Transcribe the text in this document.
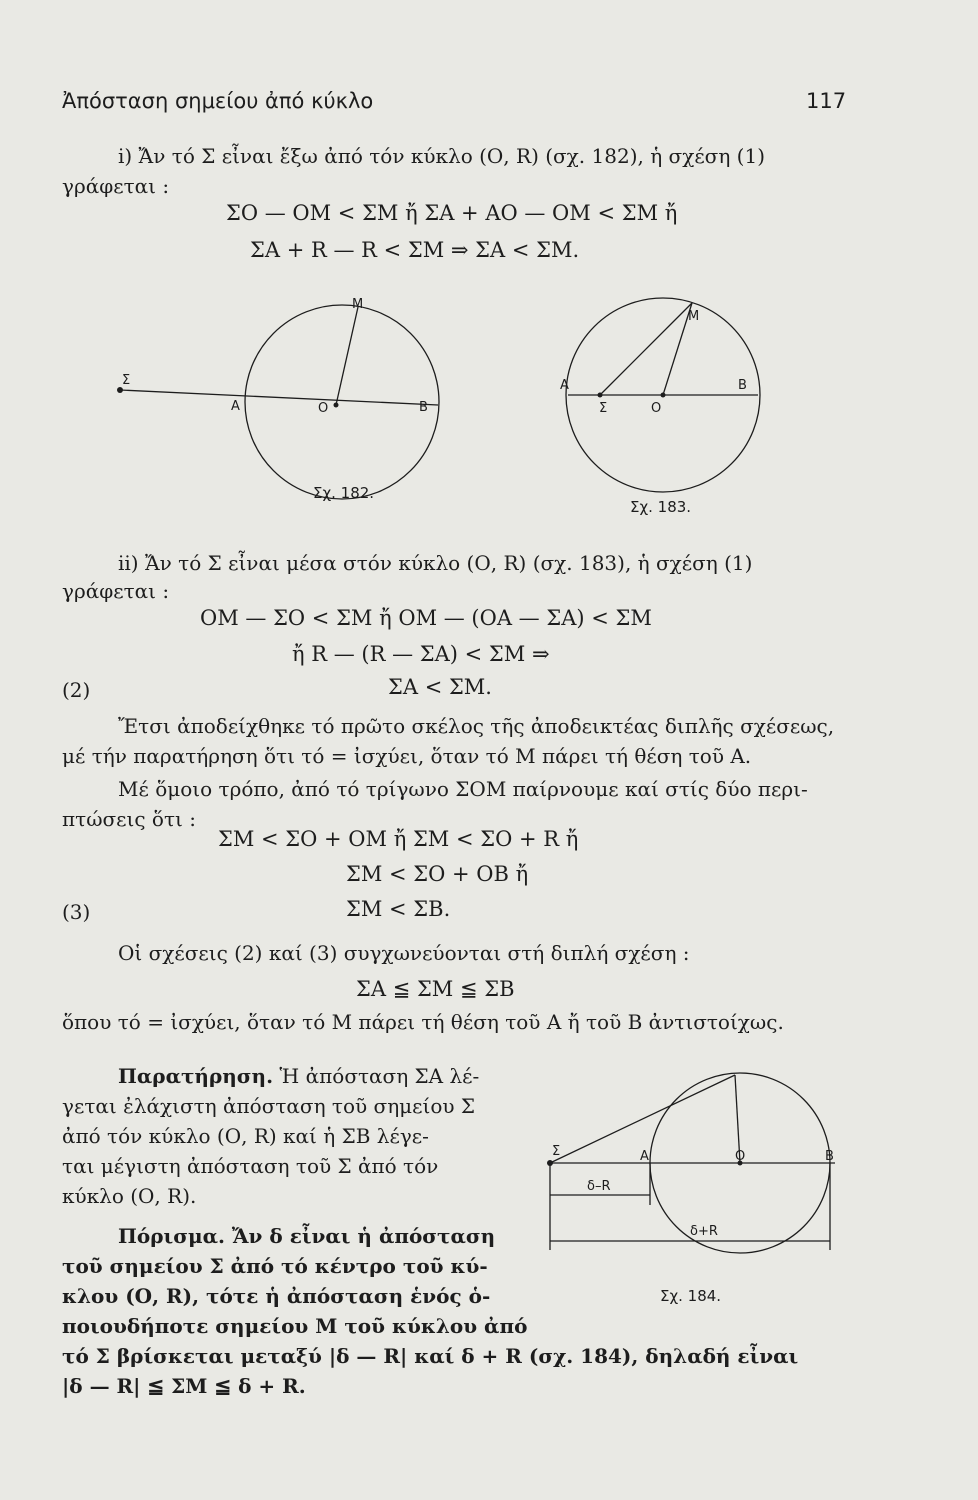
Ἀπόσταση σημείου ἀπό κύκλο	117
i) Ἄν τό Σ εἶναι ἔξω ἀπό τόν κύκλο (Ο, R) (σχ. 182), ἡ σχέση (1)
γράφεται :
ΣΟ — ΟΜ < ΣΜ ἤ ΣΑ + ΑΟ — ΟΜ < ΣΜ ἤ
ΣΑ + R — R < ΣΜ ⇒ ΣΑ < ΣΜ.
Μ
Σ
Α	Ο	Β
Σχ. 182.
Μ
Α
Σ	Ο
Β
Σχ. 183.
ii) Ἄν τό Σ εἶναι μέσα στόν κύκλο (Ο, R) (σχ. 183), ἡ σχέση (1)
γράφεται :
ΟΜ — ΣΟ < ΣΜ ἤ ΟΜ — (ΟΑ — ΣΑ) < ΣΜ
ἤ R — (R — ΣΑ) < ΣΜ ⇒
(2)	ΣΑ < ΣΜ.
Ἔτσι ἀποδείχθηκε τό πρῶτο σκέλος τῆς ἀποδεικτέας διπλῆς σχέσεως,
μέ τήν παρατήρηση ὅτι τό = ἰσχύει, ὅταν τό Μ πάρει τή θέση τοῦ Α.
Μέ ὅμοιο τρόπο, ἀπό τό τρίγωνο ΣΟΜ παίρνουμε καί στίς δύο περι-
πτώσεις ὅτι :
ΣΜ < ΣΟ + ΟΜ ἤ ΣΜ < ΣΟ + R ἤ
ΣΜ < ΣΟ + ΟΒ ἤ
(3)	ΣΜ < ΣΒ.
Οἱ σχέσεις (2) καί (3) συγχωνεύονται στή διπλή σχέση :
ΣΑ ≦ ΣΜ ≦ ΣΒ
ὅπου τό = ἰσχύει, ὅταν τό Μ πάρει τή θέση τοῦ Α ἤ τοῦ Β ἀντιστοίχως.
Παρατήρηση. Ἡ ἀπόσταση ΣΑ λέ-
γεται ἐλάχιστη ἀπόσταση τοῦ σημείου Σ
ἀπό τόν κύκλο (Ο, R) καί ἡ ΣΒ λέγε-
ται μέγιστη ἀπόσταση τοῦ Σ ἀπό τόν
κύκλο (Ο, R).
Πόρισμα. Ἄν δ εἶναι ἡ ἀπόσταση
τοῦ σημείου Σ ἀπό τό κέντρο τοῦ κύ-
κλου (Ο, R), τότε ἡ ἀπόσταση ἑνός ὁ-
ποιουδήποτε σημείου Μ τοῦ κύκλου ἀπό
τό Σ βρίσκεται μεταξύ |δ — R| καί δ + R (σχ. 184), δηλαδή εἶναι
|δ — R| ≦ ΣΜ ≦ δ + R.
Σ	Α	Ο	Β
δ–R
δ+R
Σχ. 184.
